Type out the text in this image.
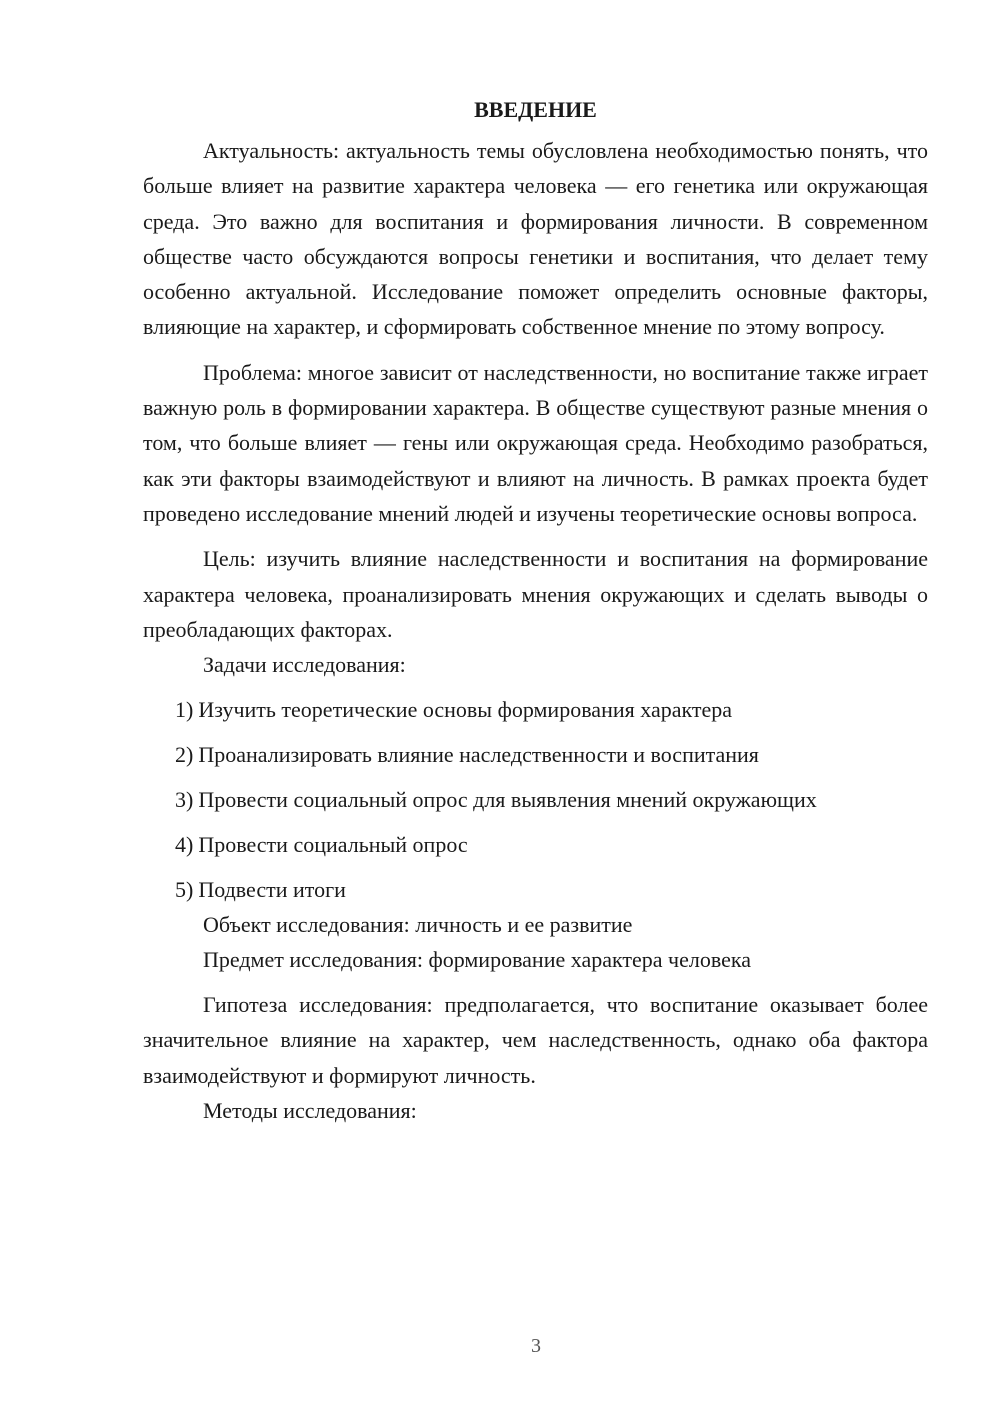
ВВЕДЕНИЕ

Актуальность: актуальность темы обусловлена необходимостью понять, что больше влияет на развитие характера человека — его генетика или окружающая среда. Это важно для воспитания и формирования личности. В современном обществе часто обсуждаются вопросы генетики и воспитания, что делает тему особенно актуальной. Исследование поможет определить основные факторы, влияющие на характер, и сформировать собственное мнение по этому вопросу.

Проблема: многое зависит от наследственности, но воспитание также играет важную роль в формировании характера. В обществе существуют разные мнения о том, что больше влияет — гены или окружающая среда. Необходимо разобраться, как эти факторы взаимодействуют и влияют на личность. В рамках проекта будет проведено исследование мнений людей и изучены теоретические основы вопроса.

Цель: изучить влияние наследственности и воспитания на формирование характера человека, проанализировать мнения окружающих и сделать выводы о преобладающих факторах.

Задачи исследования:

1) Изучить теоретические основы формирования характера
2) Проанализировать влияние наследственности и воспитания
3) Провести социальный опрос для выявления мнений окружающих
4) Провести социальный опрос
5) Подвести итоги

Объект исследования: личность и ее развитие

Предмет исследования: формирование характера человека

Гипотеза исследования: предполагается, что воспитание оказывает более значительное влияние на характер, чем наследственность, однако оба фактора взаимодействуют и формируют личность.

Методы исследования:

3
